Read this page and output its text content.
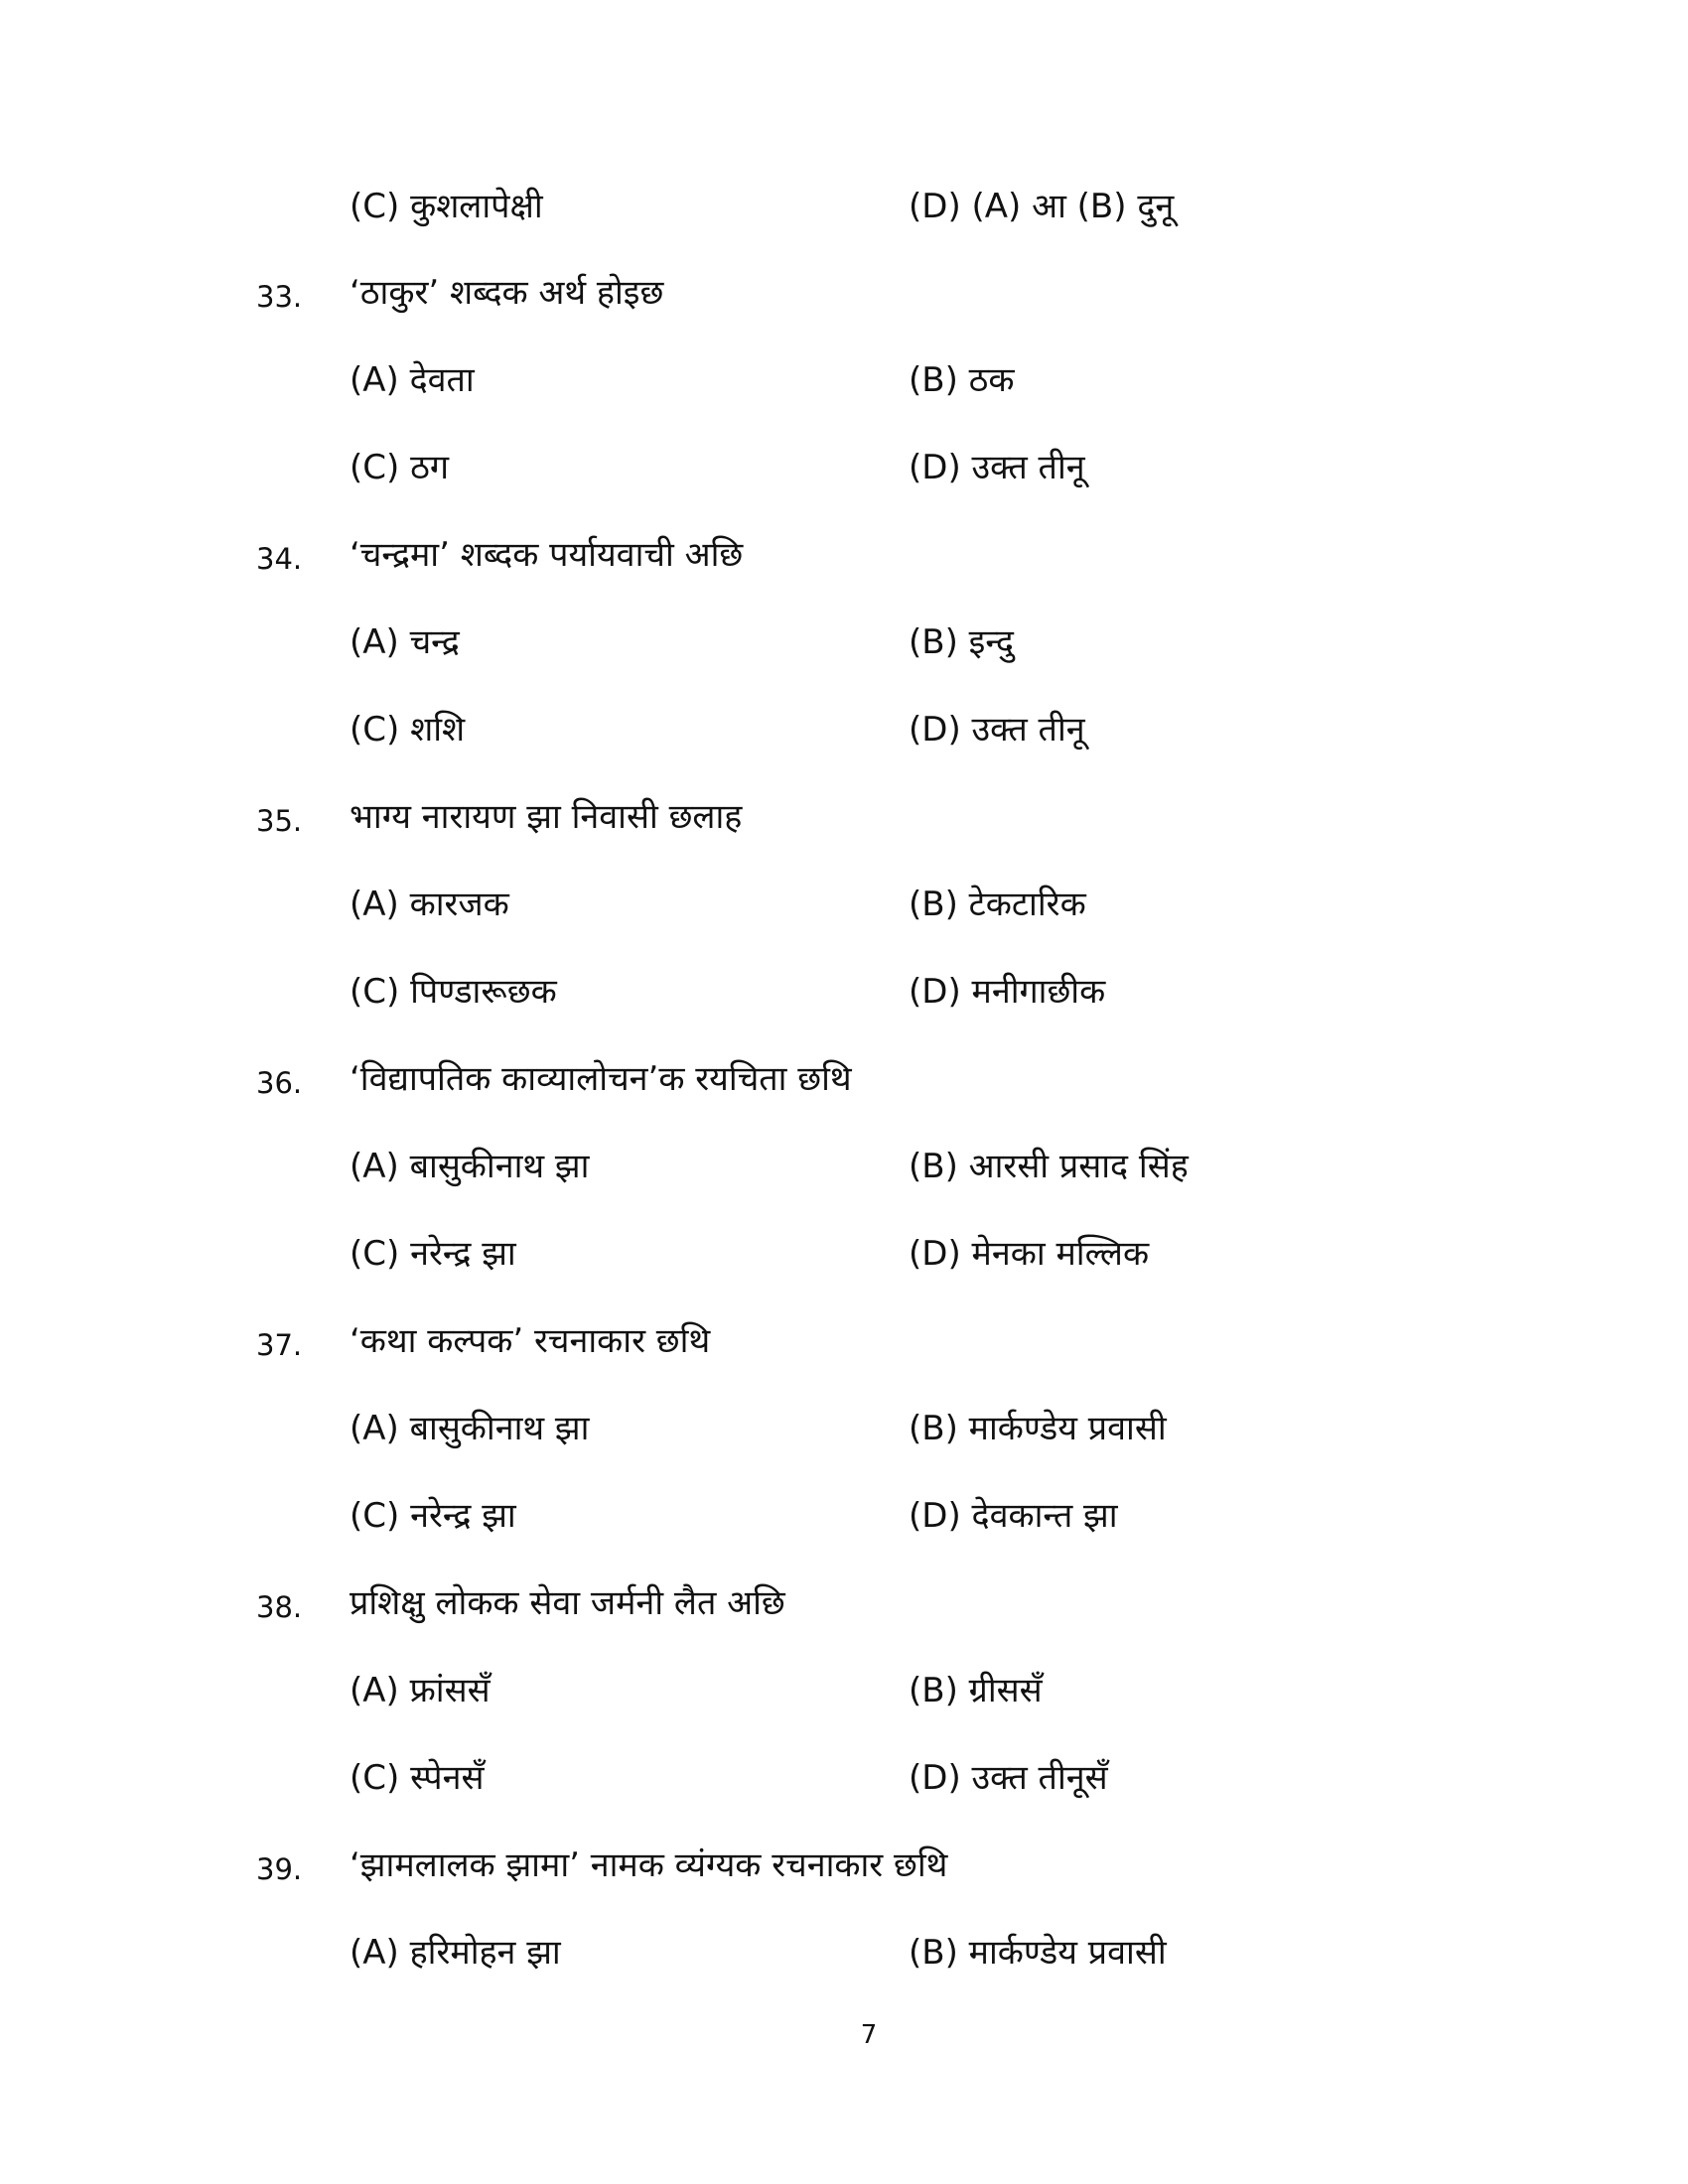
(C) कुशलापेक्षी	(D) (A) आ (B) दुनू
33. ‘ठाकुर’ शब्दक अर्थ होइछ
(A) देवता	(B) ठक
(C) ठग	(D) उक्त तीनू
34. ‘चन्द्रमा’ शब्दक पर्यायवाची अछि
(A) चन्द्र	(B) इन्दु
(C) शशि	(D) उक्त तीनू
35. भाग्य नारायण झा निवासी छलाह
(A) कारजक	(B) टेकटारिक
(C) पिण्डारूछक	(D) मनीगाछीक
36. ‘विद्यापतिक काव्यालोचन’क रयचिता छथि
(A) बासुकीनाथ झा	(B) आरसी प्रसाद सिंह
(C) नरेन्द्र झा	(D) मेनका मल्लिक
37. ‘कथा कल्पक’ रचनाकार छथि
(A) बासुकीनाथ झा	(B) मार्कण्डेय प्रवासी
(C) नरेन्द्र झा	(D) देवकान्त झा
38. प्रशिक्षु लोकक सेवा जर्मनी लैत अछि
(A) फ्रांससँ	(B) ग्रीससँ
(C) स्पेनसँ	(D) उक्त तीनूसँ
39. ‘झामलालक झामा’ नामक व्यंग्यक रचनाकार छथि
(A) हरिमोहन झा	(B) मार्कण्डेय प्रवासी
7
